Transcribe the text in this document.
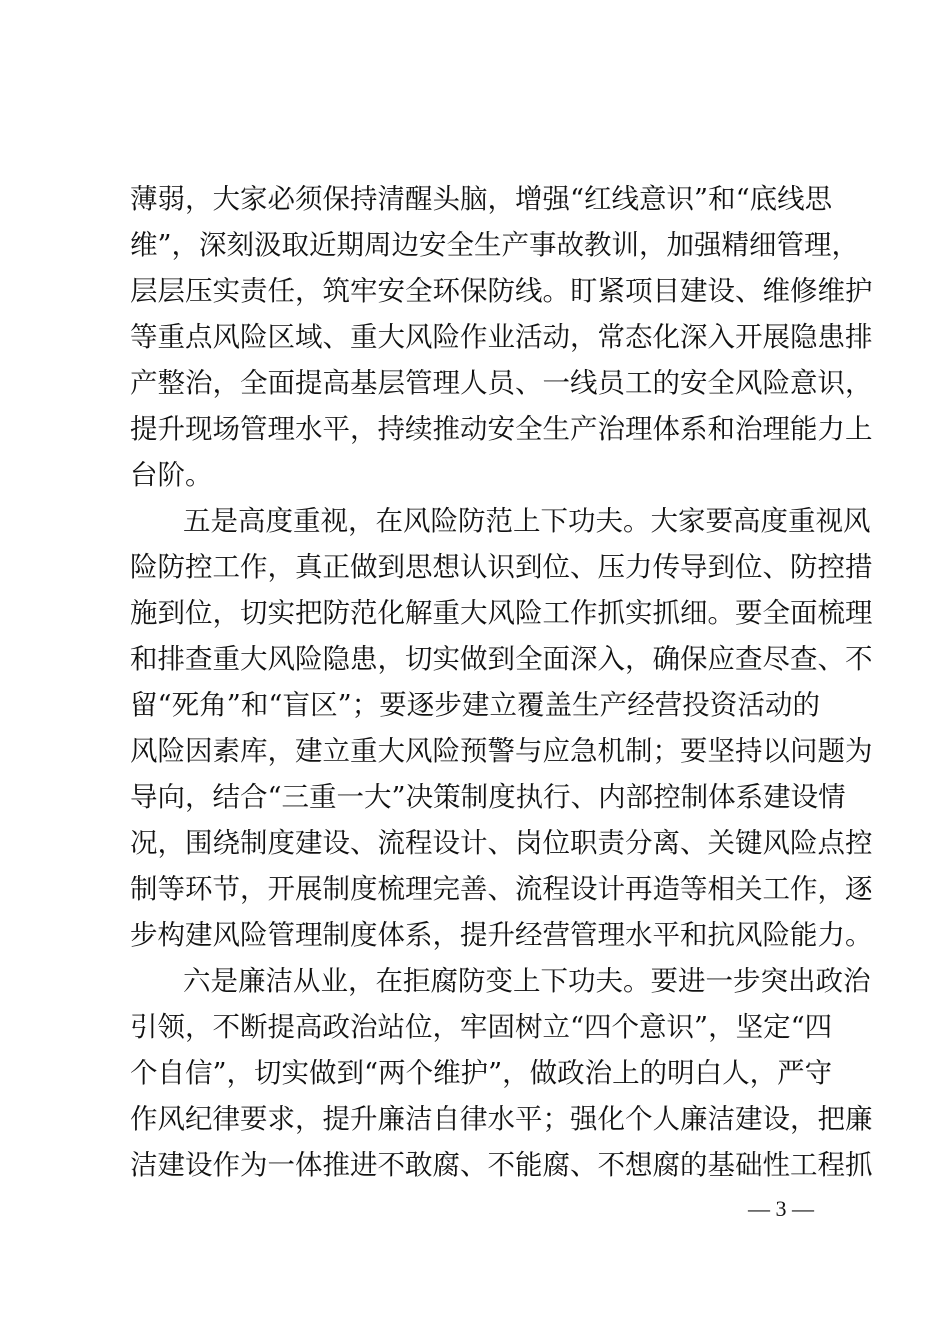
薄弱，大家必须保持清醒头脑，增强“红线意识”和“底线思
维”，深刻汲取近期周边安全生产事故教训，加强精细管理，
层层压实责任，筑牢安全环保防线。盯紧项目建设、维修维护
等重点风险区域、重大风险作业活动，常态化深入开展隐患排
产整治，全面提高基层管理人员、一线员工的安全风险意识，
提升现场管理水平，持续推动安全生产治理体系和治理能力上
台阶。
五是高度重视，在风险防范上下功夫。大家要高度重视风
险防控工作，真正做到思想认识到位、压力传导到位、防控措
施到位，切实把防范化解重大风险工作抓实抓细。要全面梳理
和排查重大风险隐患，切实做到全面深入，确保应查尽查、不
留“死角”和“盲区”；要逐步建立覆盖生产经营投资活动的
风险因素库，建立重大风险预警与应急机制；要坚持以问题为
导向，结合“三重一大”决策制度执行、内部控制体系建设情
况，围绕制度建设、流程设计、岗位职责分离、关键风险点控
制等环节，开展制度梳理完善、流程设计再造等相关工作，逐
步构建风险管理制度体系，提升经营管理水平和抗风险能力。
六是廉洁从业，在拒腐防变上下功夫。要进一步突出政治
引领，不断提高政治站位，牢固树立“四个意识”，坚定“四
个自信”，切实做到“两个维护”，做政治上的明白人，严守
作风纪律要求，提升廉洁自律水平；强化个人廉洁建设，把廉
洁建设作为一体推进不敢腐、不能腐、不想腐的基础性工程抓
— 3 —
